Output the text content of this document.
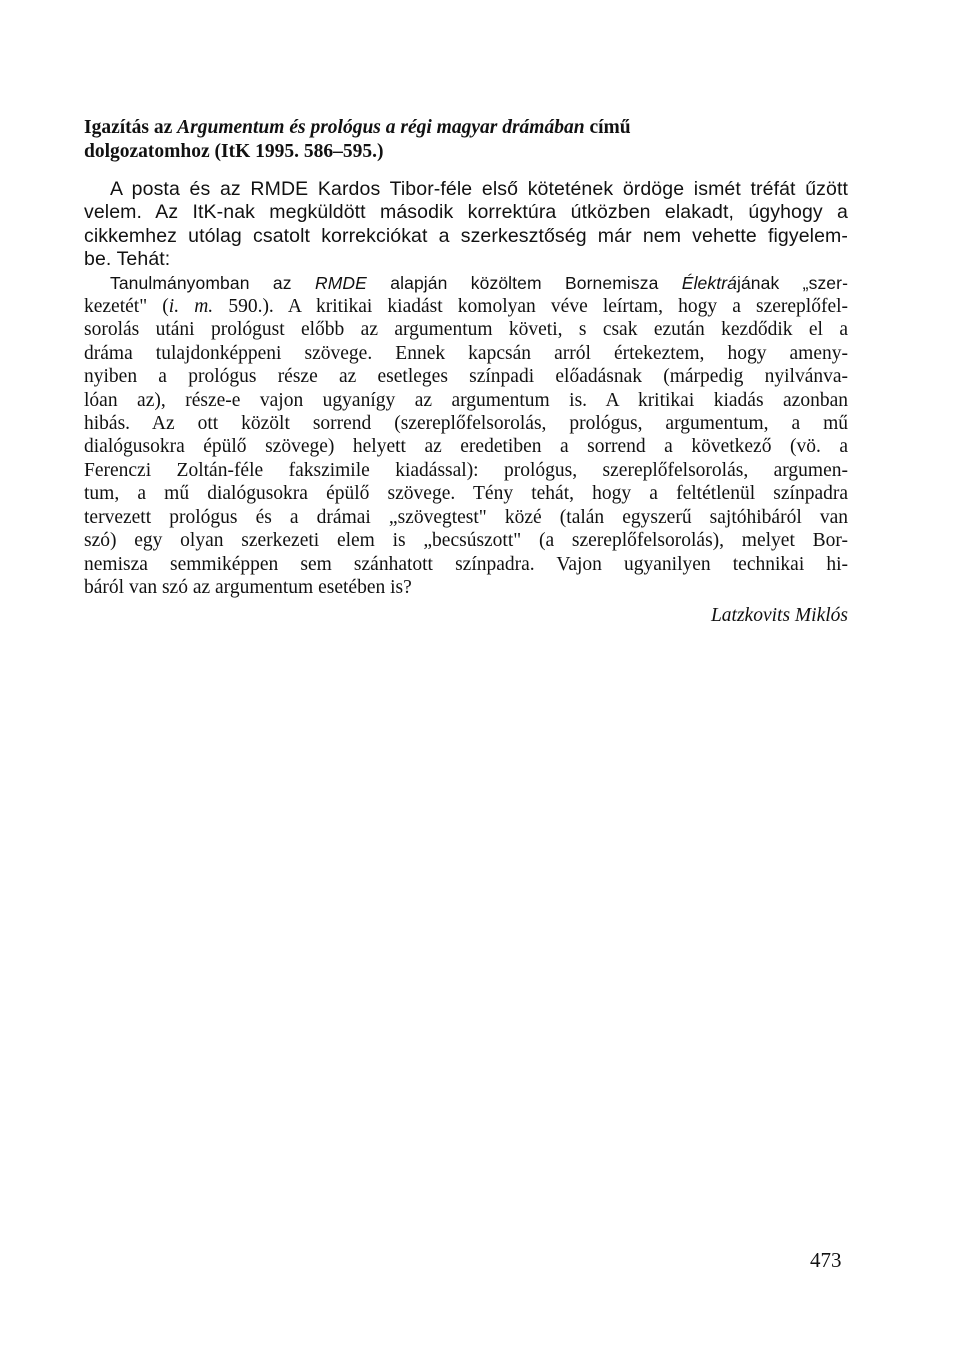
Igazítás az Argumentum és prológus a régi magyar drámában című
dolgozatomhoz (ItK 1995. 586–595.)
A posta és az RMDE Kardos Tibor-féle első kötetének ördöge ismét tréfát űzött
velem. Az ItK-nak megküldött második korrektúra útközben elakadt, úgyhogy a
cikkemhez utólag csatolt korrekciókat a szerkesztőség már nem vehette figyelem-
be. Tehát:
Tanulmányomban az RMDE alapján közöltem Bornemisza Élektrájának „szer-
kezetét" (i. m. 590.). A kritikai kiadást komolyan véve leírtam, hogy a szereplőfel-
sorolás utáni prológust előbb az argumentum követi, s csak ezután kezdődik el a
dráma tulajdonképpeni szövege. Ennek kapcsán arról értekeztem, hogy ameny-
nyiben a prológus része az esetleges színpadi előadásnak (márpedig nyilvánva-
lóan az), része-e vajon ugyanígy az argumentum is. A kritikai kiadás azonban
hibás. Az ott közölt sorrend (szereplőfelsorolás, prológus, argumentum, a mű
dialógusokra épülő szövege) helyett az eredetiben a sorrend a következő (vö. a
Ferenczi Zoltán-féle fakszimile kiadással): prológus, szereplőfelsorolás, argumen-
tum, a mű dialógusokra épülő szövege. Tény tehát, hogy a feltétlenül színpadra
tervezett prológus és a drámai „szövegtest" közé (talán egyszerű sajtóhibáról van
szó) egy olyan szerkezeti elem is „becsúszott" (a szereplőfelsorolás), melyet Bor-
nemisza semmiképpen sem szánhatott színpadra. Vajon ugyanilyen technikai hi-
báról van szó az argumentum esetében is?
Latzkovits Miklós
473
